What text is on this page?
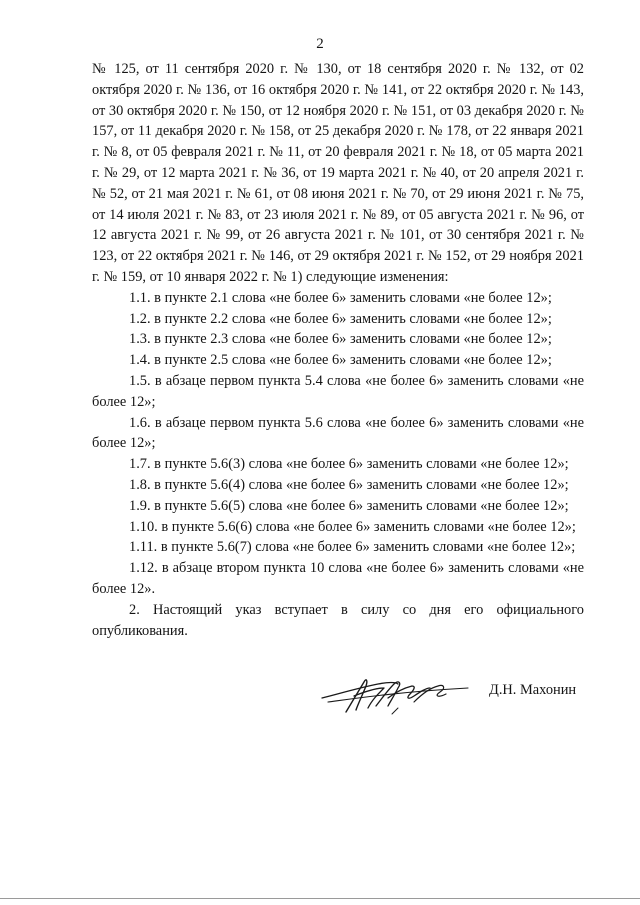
2

№ 125, от 11 сентября 2020 г. № 130, от 18 сентября 2020 г. № 132, от 02 октября 2020 г. № 136, от 16 октября 2020 г. № 141, от 22 октября 2020 г. № 143, от 30 октября 2020 г. № 150, от 12 ноября 2020 г. № 151, от 03 декабря 2020 г. № 157, от 11 декабря 2020 г. № 158, от 25 декабря 2020 г. № 178, от 22 января 2021 г. № 8, от 05 февраля 2021 г. № 11, от 20 февраля 2021 г. № 18, от 05 марта 2021 г. № 29, от 12 марта 2021 г. № 36, от 19 марта 2021 г. № 40, от 20 апреля 2021 г. № 52, от 21 мая 2021 г. № 61, от 08 июня 2021 г. № 70, от 29 июня 2021 г. № 75, от 14 июля 2021 г. № 83, от 23 июля 2021 г. № 89, от 05 августа 2021 г. № 96, от 12 августа 2021 г. № 99, от 26 августа 2021 г. № 101, от 30 сентября 2021 г. № 123, от 22 октября 2021 г. № 146, от 29 октября 2021 г. № 152, от 29 ноября 2021 г. № 159, от 10 января 2022 г. № 1) следующие изменения:

1.1. в пункте 2.1 слова «не более 6» заменить словами «не более 12»;

1.2. в пункте 2.2 слова «не более 6» заменить словами «не более 12»;

1.3. в пункте 2.3 слова «не более 6» заменить словами «не более 12»;

1.4. в пункте 2.5 слова «не более 6» заменить словами «не более 12»;

1.5. в абзаце первом пункта 5.4 слова «не более 6» заменить словами «не более 12»;

1.6. в абзаце первом пункта 5.6 слова «не более 6» заменить словами «не более 12»;

1.7. в пункте 5.6(3) слова «не более 6» заменить словами «не более 12»;

1.8. в пункте 5.6(4) слова «не более 6» заменить словами «не более 12»;

1.9. в пункте 5.6(5) слова «не более 6» заменить словами «не более 12»;

1.10. в пункте 5.6(6) слова «не более 6» заменить словами «не более 12»;

1.11. в пункте 5.6(7) слова «не более 6» заменить словами «не более 12»;

1.12. в абзаце втором пункта 10 слова «не более 6» заменить словами «не более 12».

2. Настоящий указ вступает в силу со дня его официального опубликования.

Д.Н. Махонин
